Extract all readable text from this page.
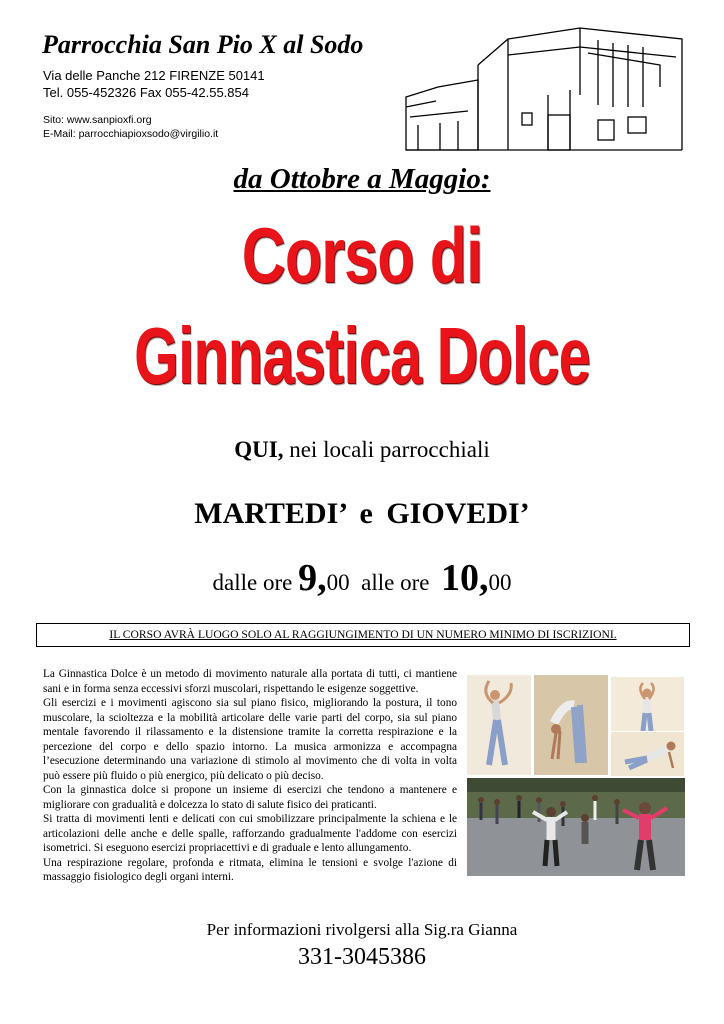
Parrocchia San Pio X al Sodo
Via delle Panche 212 FIRENZE 50141
Tel. 055-452326 Fax 055-42.55.854
Sito: www.sanpioxfi.org
E-Mail: parrocchiapioxsodo@virgilio.it
da Ottobre a Maggio:
Corso di
Ginnastica Dolce
QUI, nei locali parrocchiali
MARTEDI’ e GIOVEDI’
dalle ore 9,00  alle ore  10,00
IL CORSO AVRÀ LUOGO SOLO AL RAGGIUNGIMENTO DI UN NUMERO MINIMO DI ISCRIZIONI.

La Ginnastica Dolce è un metodo di movimento naturale alla portata di tutti, ci mantiene sani e in forma senza eccessivi sforzi muscolari, rispettando le esigenze soggettive.

Gli esercizi e i movimenti agiscono sia sul piano fisico, migliorando la postura, il tono muscolare, la scioltezza e la mobilità articolare delle varie parti del corpo, sia sul piano mentale favorendo il rilassamento e la distensione tramite la corretta respirazione e la percezione del corpo e dello spazio intorno. La musica armonizza e accompagna l’esecuzione determinando una variazione di stimolo al movimento che di volta in volta può essere più fluido o più energico, più delicato o più deciso.

Con la ginnastica dolce si propone un insieme di esercizi che tendono a mantenere e migliorare con gradualità e dolcezza lo stato di salute fisico dei praticanti.

Si tratta di movimenti lenti e delicati con cui smobilizzare principalmente la schiena e le articolazioni delle anche e delle spalle, rafforzando gradualmente l'addome con esercizi isometrici. Si eseguono esercizi propriacettivi e di graduale e lento allungamento.

Una respirazione regolare, profonda e ritmata, elimina le tensioni e svolge l'azione di massaggio fisiologico degli organi interni.

Per informazioni rivolgersi alla Sig.ra Gianna
331-3045386
